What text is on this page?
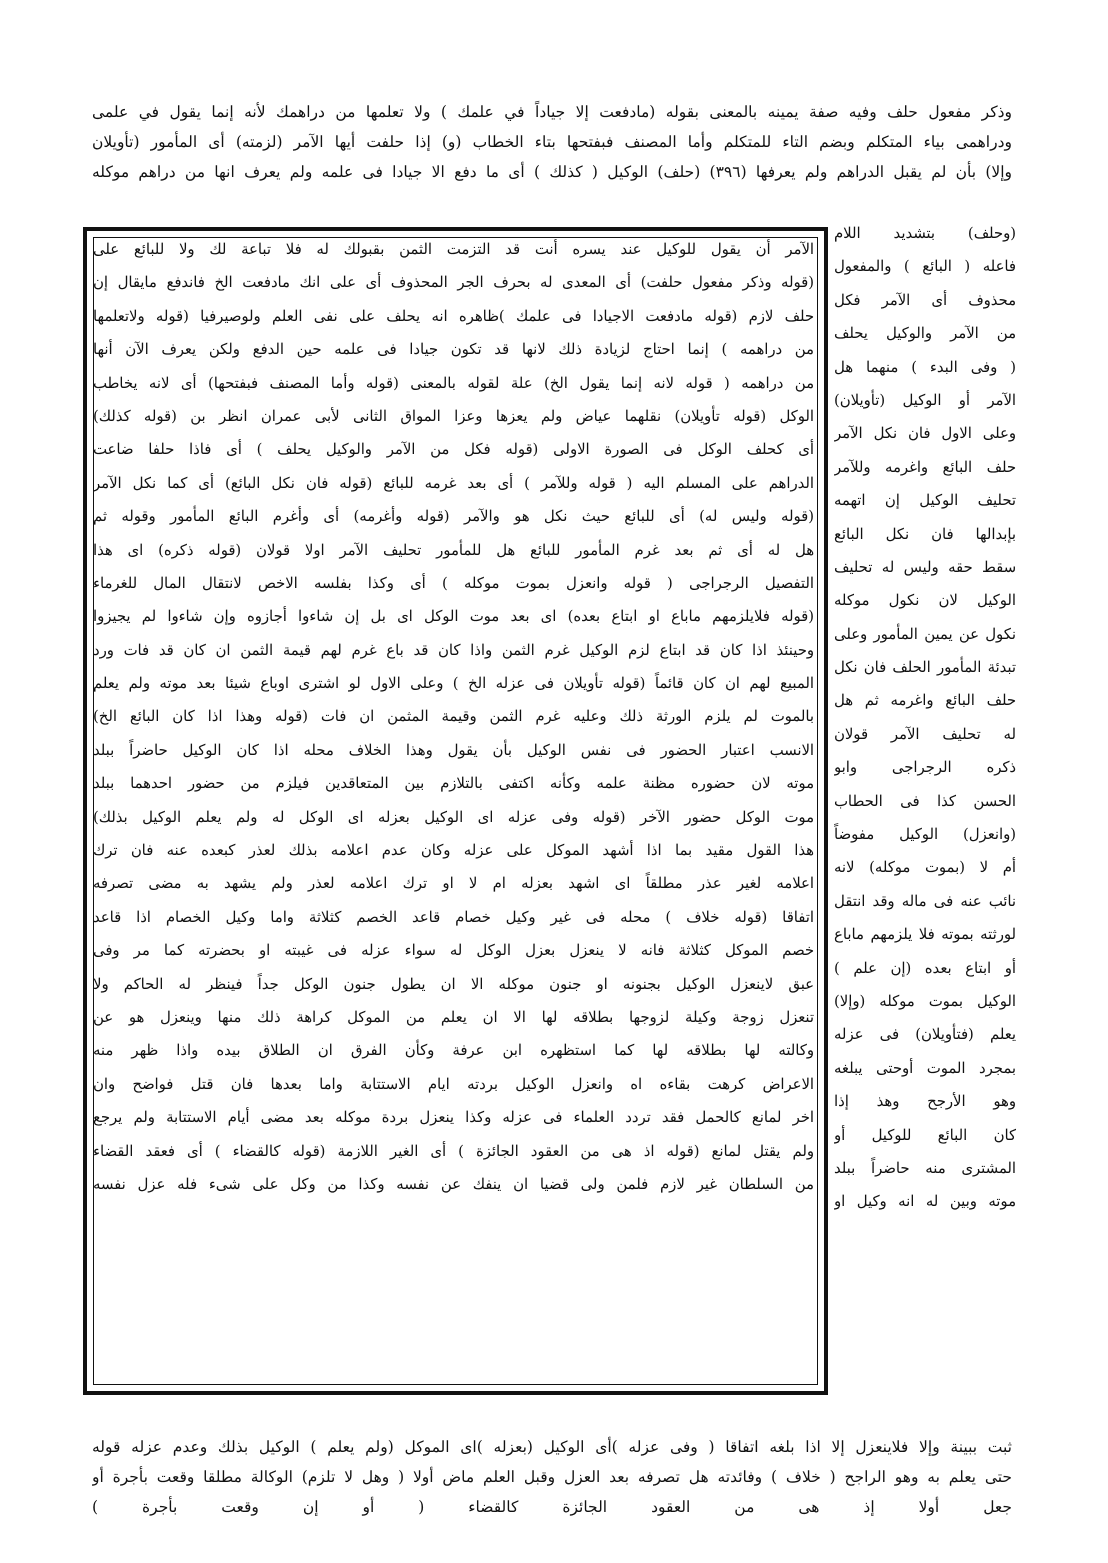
وذكر مفعول حلف وفيه صفة يمينه بالمعنى بقوله (مادفعت إلا جياداً في علمك ) ولا تعلمها من دراهمك لأنه إنما يقول في علمى
ودراهمى بياء المتكلم وبضم التاء للمتكلم وأما المصنف فبفتحها بتاء الخطاب (و) إذا حلفت أيها الآمر (لزمته) أى المأمور (تأويلان
وإلا) بأن لم يقبل الدراهم ولم يعرفها (٣٩٦) (حلف) الوكيل ( كذلك ) أى ما دفع الا جيادا فى علمه ولم يعرف انها من دراهم موكله
الآمر أن يقول للوكيل عند يسره أنت قد التزمت الثمن بقبولك له فلا تباعة لك ولا للبائع على
(قوله وذكر مفعول حلفت) أى المعدى له بحرف الجر المحذوف أى على انك مادفعت الخ فاندفع مايقال إن
حلف لازم (قوله مادفعت الاجيادا فى علمك )ظاهره انه يحلف على نفى العلم ولوصيرفيا (قوله ولاتعلمها
من دراهمه ) إنما احتاج لزيادة ذلك لانها قد تكون جيادا فى علمه حين الدفع ولكن يعرف الآن أنها
من دراهمه ( قوله لانه إنما يقول الخ) علة لقوله بالمعنى (قوله وأما المصنف فبفتحها) أى لانه يخاطب
الوكل (قوله تأويلان) نقلهما عياض ولم يعزها وعزا المواق الثانى لأبى عمران انظر بن (قوله كذلك)
أى كحلف الوكل فى الصورة الاولى (قوله فكل من الآمر والوكيل يحلف ) أى فاذا حلفا ضاعت
الدراهم على المسلم اليه ( قوله وللآمر ) أى بعد غرمه للبائع (قوله فان نكل البائع) أى كما نكل الآمر
(قوله وليس له) أى للبائع حيث نكل هو والآمر (قوله وأغرمه) أى وأغرم البائع المأمور وقوله ثم
هل له أى ثم بعد غرم المأمور للبائع هل للمأمور تحليف الآمر اولا قولان (قوله ذكره) اى هذا
التفصيل الرجراجى ( قوله وانعزل بموت موكله ) أى وكذا بفلسه الاخص لانتقال المال للغرماء
(قوله فلايلزمهم ماباع او ابتاع بعده) اى بعد موت الوكل اى بل إن شاءوا أجازوه وإن شاءوا لم يجيزوا
وحينئذ اذا كان قد ابتاع لزم الوكيل غرم الثمن واذا كان قد باع غرم لهم قيمة الثمن ان كان قد فات ورد
المبيع لهم ان كان قائماً (قوله تأويلان فى عزله الخ ) وعلى الاول لو اشترى اوباع شيئا بعد موته ولم يعلم
بالموت لم يلزم الورثة ذلك وعليه غرم الثمن وقيمة المثمن ان فات (قوله وهذا اذا كان البائع الخ)
الانسب اعتبار الحضور فى نفس الوكيل بأن يقول وهذا الخلاف محله اذا كان الوكيل حاضراً ببلد
موته لان حضوره مظنة علمه وكأنه اكتفى بالتلازم بين المتعاقدين فيلزم من حضور احدهما ببلد
موت الوكل حضور الآخر (قوله وفى عزله اى الوكيل بعزله اى الوكل له ولم يعلم الوكيل بذلك)
هذا القول مقيد بما اذا أشهد الموكل على عزله وكان عدم اعلامه بذلك لعذر كبعده عنه فان ترك
اعلامه لغير عذر مطلقاً اى اشهد بعزله ام لا او ترك اعلامه لعذر ولم يشهد به مضى تصرفه
اتفاقا (قوله خلاف ) محله فى غير وكيل خصام قاعد الخصم كثلاثة واما وكيل الخصام اذا قاعد
خصم الموكل كثلاثة فانه لا ينعزل بعزل الوكل له سواء عزله فى غيبته او بحضرته كما مر وفى
عبق لاينعزل الوكيل بجنونه او جنون موكله الا ان يطول جنون الوكل جداً فينظر له الحاكم ولا
تنعزل زوجة وكيلة لزوجها بطلاقه لها الا ان يعلم من الموكل كراهة ذلك منها وينعزل هو عن
وكالته لها بطلاقه لها كما استظهره ابن عرفة وكأن الفرق ان الطلاق بيده واذا ظهر منه
الاعراض كرهت بقاءه اه وانعزل الوكيل بردته ايام الاستتابة واما بعدها فان قتل فواضح وان
اخر لمانع كالحمل فقد تردد العلماء فى عزله وكذا ينعزل بردة موكله بعد مضى أيام الاستتابة ولم يرجع
ولم يقتل لمانع (قوله اذ هى من العقود الجائزة ) أى الغير اللازمة (قوله كالقضاء ) أى فعقد القضاء
من السلطان غير لازم فلمن ولى قضيا ان ينفك عن نفسه وكذا من وكل على شىء فله عزل نفسه
(وحلف) بتشديد اللام
فاعله ( البائع ) والمفعول
محذوف أى الآمر فكل
من الآمر والوكيل يحلف
( وفى البدء ) منهما هل
الآمر أو الوكيل (تأويلان)
وعلى الاول فان نكل الآمر
حلف البائع واغرمه وللآمر
تحليف الوكيل إن اتهمه
بإبدالها فان نكل البائع
سقط حقه وليس له تحليف
الوكيل لان نكول موكله
نكول عن يمين المأمور وعلى
تبدئة المأمور الحلف فان نكل
حلف البائع واغرمه ثم هل
له تحليف الآمر قولان
ذكره الرجراجى وابو
الحسن كذا فى الحطاب
(وانعزل) الوكيل مفوضاً
أم لا (بموت موكله) لانه
نائب عنه فى ماله وقد انتقل
لورثته بموته فلا يلزمهم ماباع
أو ابتاع بعده (إن علم )
الوكيل بموت موكله (وإلا)
يعلم (فتأويلان) فى عزله
بمجرد الموت أوحتى يبلغه
وهو الأرجح وهذ إذا
كان البائع للوكيل أو
المشترى منه حاضراً ببلد
موته وبين له انه وكيل او
ثبت ببينة وإلا فلاينعزل إلا اذا بلغه اتفاقا ( وفى عزله )أى الوكيل (بعزله )اى الموكل (ولم يعلم ) الوكيل بذلك وعدم عزله قوله
حتى يعلم به وهو الراجح ( خلاف ) وفائدته هل تصرفه بعد العزل وقبل العلم ماض أولا ( وهل لا تلزم) الوكالة مطلقا وقعت بأجرة أو
جعل أولا إذ هى من العقود الجائزة كالقضاء ( أو إن وقعت بأجرة )
